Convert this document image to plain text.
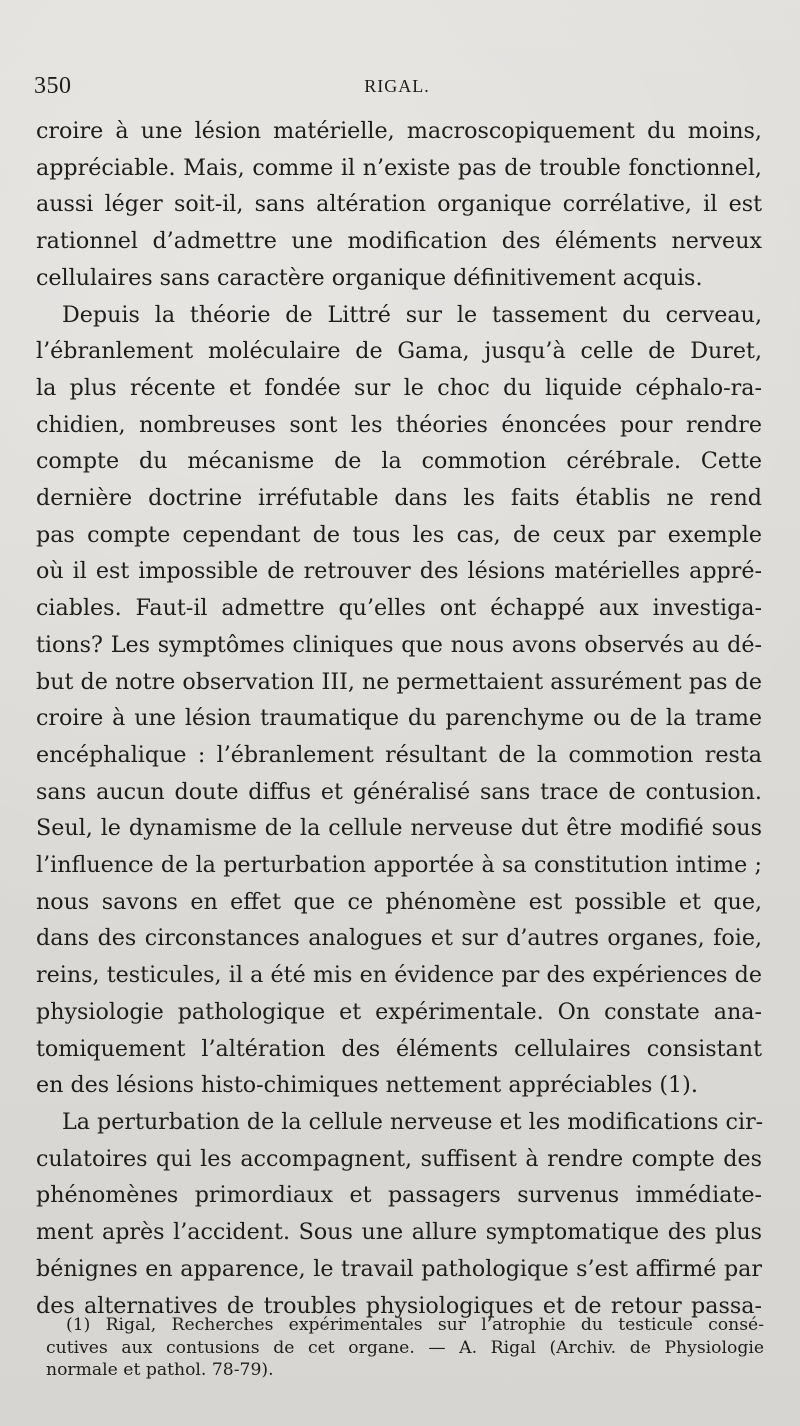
350	RIGAL.
croire à une lésion matérielle, macroscopiquement du moins,
appréciable. Mais, comme il n’existe pas de trouble fonctionnel,
aussi léger soit-il, sans altération organique corrélative, il est
rationnel d’admettre une modification des éléments nerveux
cellulaires sans caractère organique définitivement acquis.
Depuis la théorie de Littré sur le tassement du cerveau,
l’ébranlement moléculaire de Gama, jusqu’à celle de Duret,
la plus récente et fondée sur le choc du liquide céphalo-ra-
chidien, nombreuses sont les théories énoncées pour rendre
compte du mécanisme de la commotion cérébrale. Cette
dernière doctrine irréfutable dans les faits établis ne rend
pas compte cependant de tous les cas, de ceux par exemple
où il est impossible de retrouver des lésions matérielles appré-
ciables. Faut-il admettre qu’elles ont échappé aux investiga-
tions? Les symptômes cliniques que nous avons observés au dé-
but de notre observation III, ne permettaient assurément pas de
croire à une lésion traumatique du parenchyme ou de la trame
encéphalique : l’ébranlement résultant de la commotion resta
sans aucun doute diffus et généralisé sans trace de contusion.
Seul, le dynamisme de la cellule nerveuse dut être modifié sous
l’influence de la perturbation apportée à sa constitution intime ;
nous savons en effet que ce phénomène est possible et que,
dans des circonstances analogues et sur d’autres organes, foie,
reins, testicules, il a été mis en évidence par des expériences de
physiologie pathologique et expérimentale. On constate ana-
tomiquement l’altération des éléments cellulaires consistant
en des lésions histo-chimiques nettement appréciables (1).
La perturbation de la cellule nerveuse et les modifications cir-
culatoires qui les accompagnent, suffisent à rendre compte des
phénomènes primordiaux et passagers survenus immédiate-
ment après l’accident. Sous une allure symptomatique des plus
bénignes en apparence, le travail pathologique s’est affirmé par
des alternatives de troubles physiologiques et de retour passa-
(1) Rigal, Recherches expérimentales sur l’atrophie du testicule consé-
cutives aux contusions de cet organe. — A. Rigal (Archiv. de Physiologie
normale et pathol. 78-79).
